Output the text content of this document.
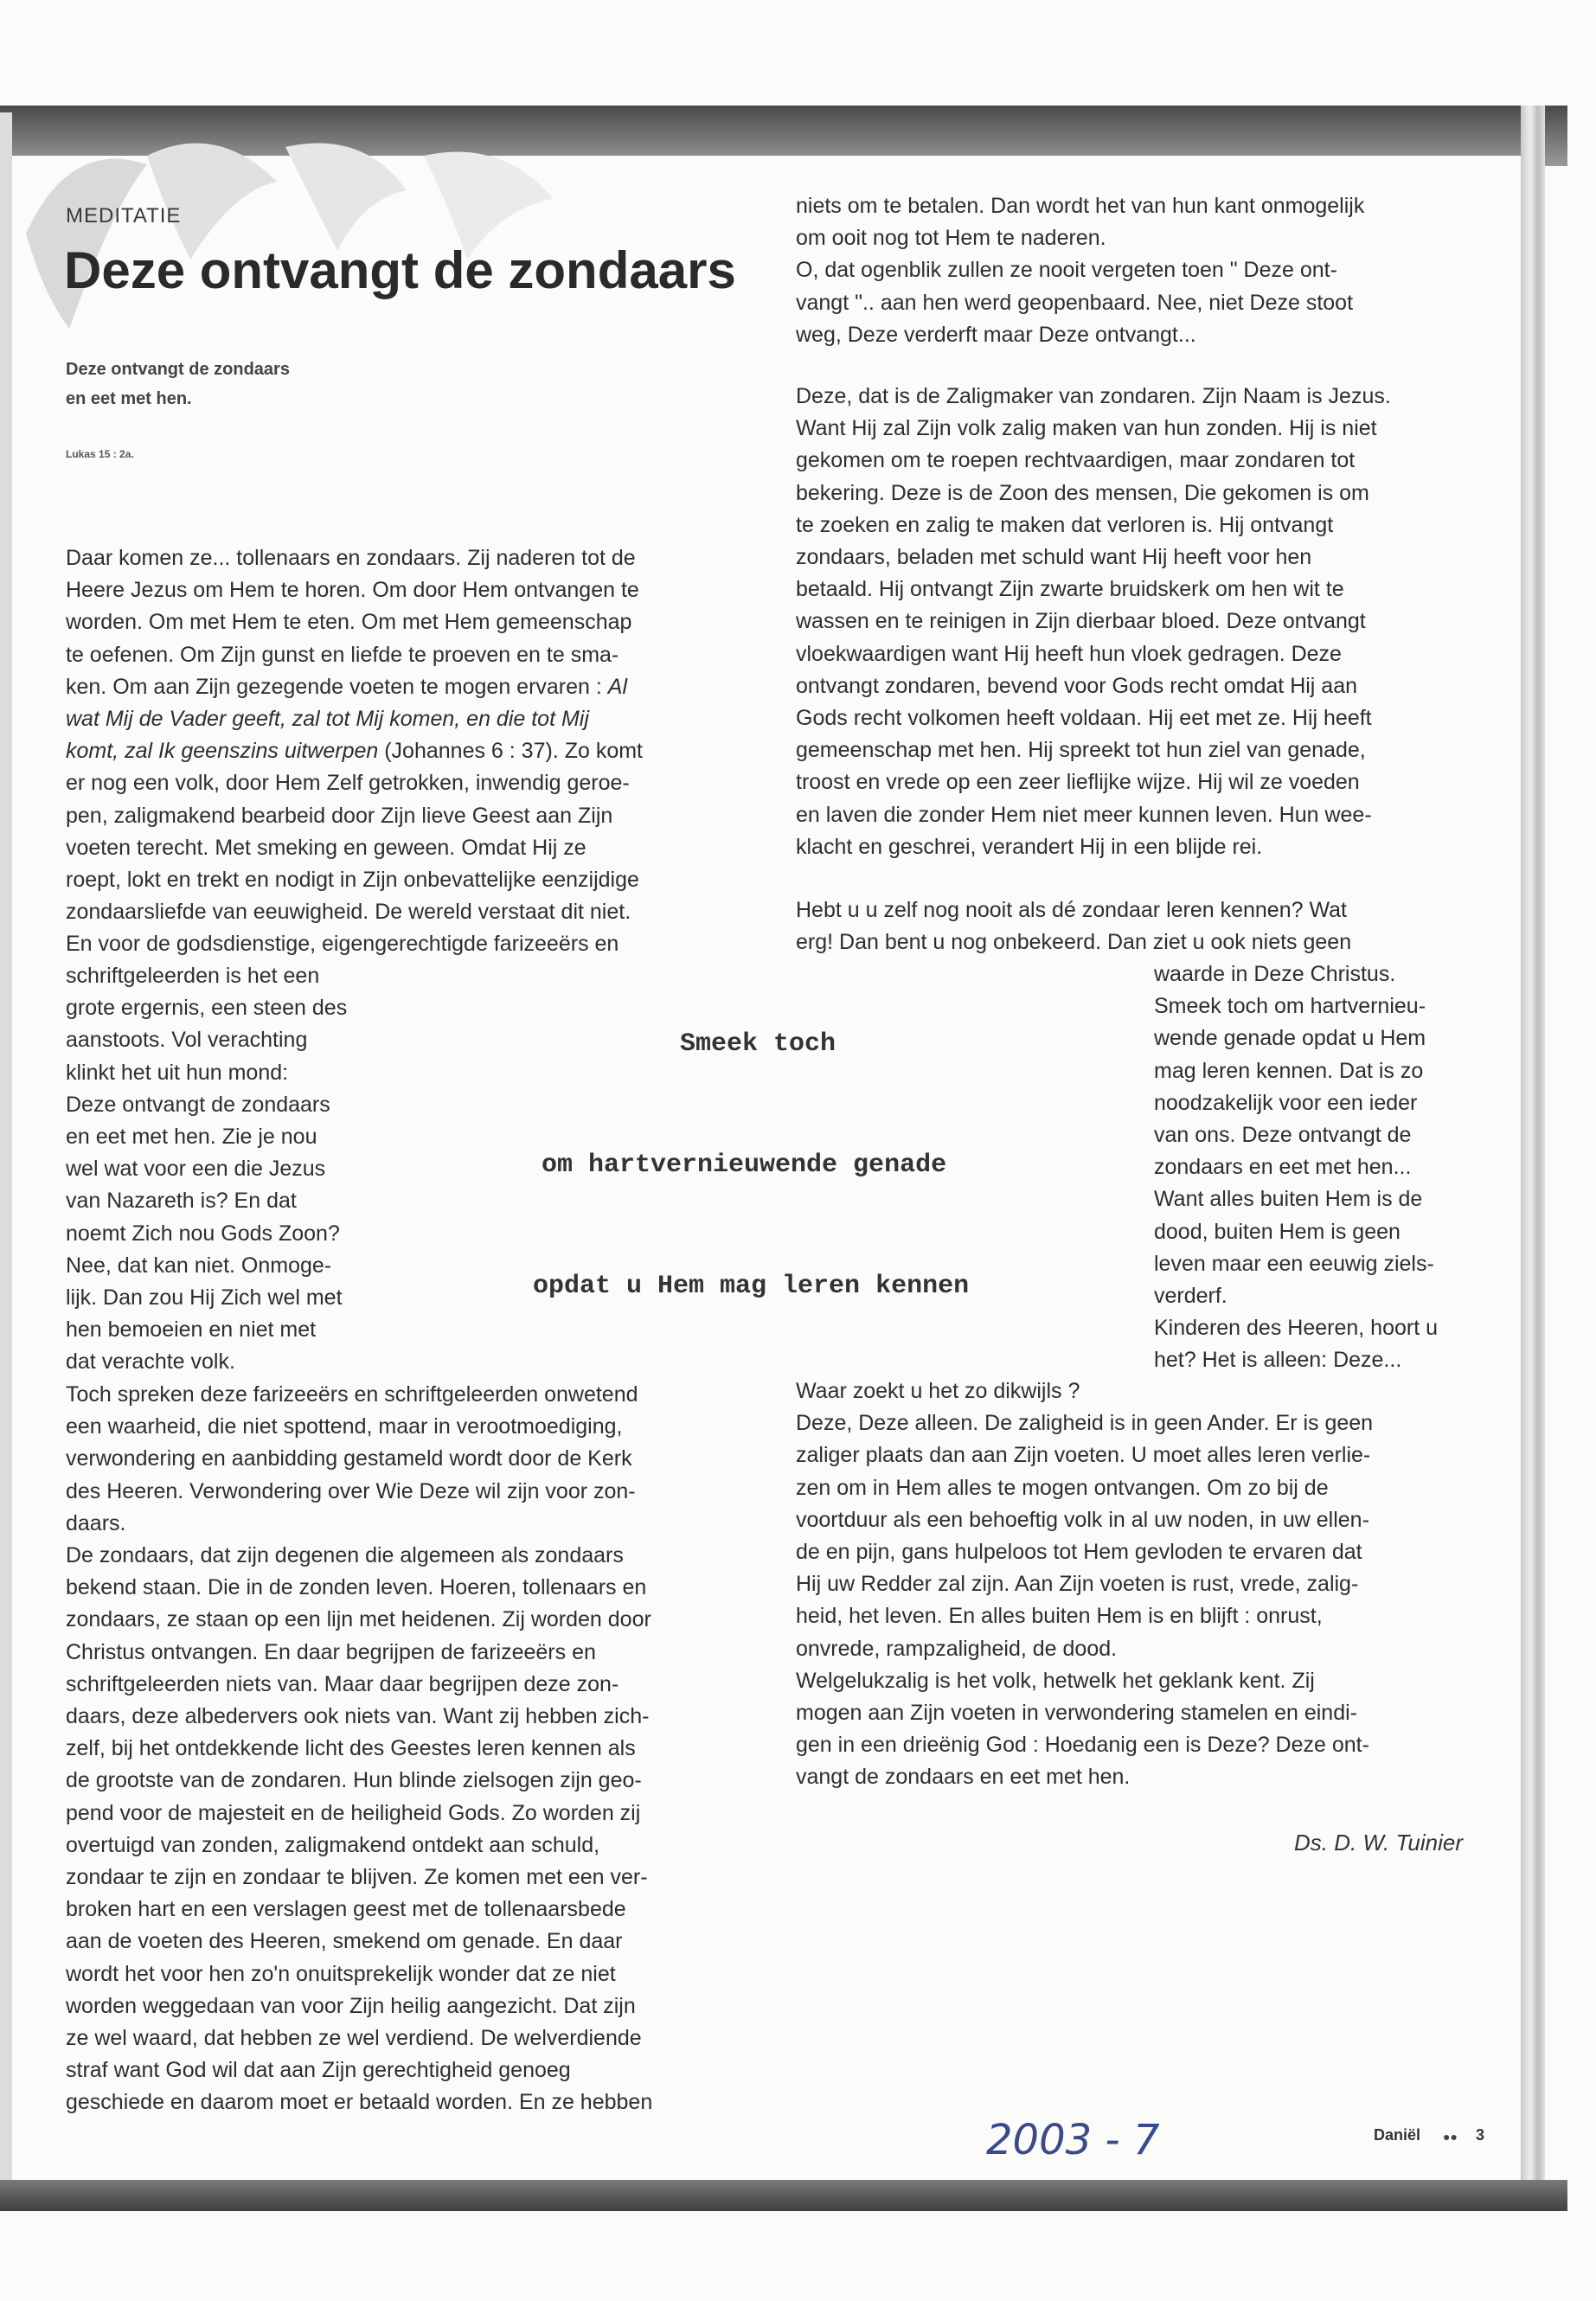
MEDITATIE
Deze ontvangt de zondaars
Deze ontvangt de zondaars
en eet met hen.
Lukas 15 : 2a.
Daar komen ze... tollenaars en zondaars. Zij naderen tot de
Heere Jezus om Hem te horen. Om door Hem ontvangen te
worden. Om met Hem te eten. Om met Hem gemeenschap
te oefenen. Om Zijn gunst en liefde te proeven en te sma-
ken. Om aan Zijn gezegende voeten te mogen ervaren : Al
wat Mij de Vader geeft, zal tot Mij komen, en die tot Mij
komt, zal Ik geenszins uitwerpen (Johannes 6 : 37). Zo komt
er nog een volk, door Hem Zelf getrokken, inwendig geroe-
pen, zaligmakend bearbeid door Zijn lieve Geest aan Zijn
voeten terecht. Met smeking en geween. Omdat Hij ze
roept, lokt en trekt en nodigt in Zijn onbevattelijke eenzijdige
zondaarsliefde van eeuwigheid. De wereld verstaat dit niet.
En voor de godsdienstige, eigengerechtigde farizeeërs en
schriftgeleerden is het een
grote ergernis, een steen des
aanstoots. Vol verachting
klinkt het uit hun mond:
Deze ontvangt de zondaars
en eet met hen. Zie je nou
wel wat voor een die Jezus
van Nazareth is? En dat
noemt Zich nou Gods Zoon?
Nee, dat kan niet. Onmoge-
lijk. Dan zou Hij Zich wel met
hen bemoeien en niet met
dat verachte volk.
Toch spreken deze farizeeërs en schriftgeleerden onwetend
een waarheid, die niet spottend, maar in verootmoediging,
verwondering en aanbidding gestameld wordt door de Kerk
des Heeren. Verwondering over Wie Deze wil zijn voor zon-
daars.
De zondaars, dat zijn degenen die algemeen als zondaars
bekend staan. Die in de zonden leven. Hoeren, tollenaars en
zondaars, ze staan op een lijn met heidenen. Zij worden door
Christus ontvangen. En daar begrijpen de farizeeërs en
schriftgeleerden niets van. Maar daar begrijpen deze zon-
daars, deze albedervers ook niets van. Want zij hebben zich-
zelf, bij het ontdekkende licht des Geestes leren kennen als
de grootste van de zondaren. Hun blinde zielsogen zijn geo-
pend voor de majesteit en de heiligheid Gods. Zo worden zij
overtuigd van zonden, zaligmakend ontdekt aan schuld,
zondaar te zijn en zondaar te blijven. Ze komen met een ver-
broken hart en een verslagen geest met de tollenaarsbede
aan de voeten des Heeren, smekend om genade. En daar
wordt het voor hen zo'n onuitsprekelijk wonder dat ze niet
worden weggedaan van voor Zijn heilig aangezicht. Dat zijn
ze wel waard, dat hebben ze wel verdiend. De welverdiende
straf want God wil dat aan Zijn gerechtigheid genoeg
geschiede en daarom moet er betaald worden. En ze hebben
Smeek toch
om hartvernieuwende genade
opdat u Hem mag leren kennen
niets om te betalen. Dan wordt het van hun kant onmogelijk
om ooit nog tot Hem te naderen.
O, dat ogenblik zullen ze nooit vergeten toen " Deze ont-
vangt ".. aan hen werd geopenbaard. Nee, niet Deze stoot
weg, Deze verderft maar Deze ontvangt...
Deze, dat is de Zaligmaker van zondaren. Zijn Naam is Jezus.
Want Hij zal Zijn volk zalig maken van hun zonden. Hij is niet
gekomen om te roepen rechtvaardigen, maar zondaren tot
bekering. Deze is de Zoon des mensen, Die gekomen is om
te zoeken en zalig te maken dat verloren is. Hij ontvangt
zondaars, beladen met schuld want Hij heeft voor hen
betaald. Hij ontvangt Zijn zwarte bruidskerk om hen wit te
wassen en te reinigen in Zijn dierbaar bloed. Deze ontvangt
vloekwaardigen want Hij heeft hun vloek gedragen. Deze
ontvangt zondaren, bevend voor Gods recht omdat Hij aan
Gods recht volkomen heeft voldaan. Hij eet met ze. Hij heeft
gemeenschap met hen. Hij spreekt tot hun ziel van genade,
troost en vrede op een zeer lieflijke wijze. Hij wil ze voeden
en laven die zonder Hem niet meer kunnen leven. Hun wee-
klacht en geschrei, verandert Hij in een blijde rei.
Hebt u u zelf nog nooit als dé zondaar leren kennen? Wat
erg! Dan bent u nog onbekeerd. Dan ziet u ook niets geen
waarde in Deze Christus.
Smeek toch om hartvernieu-
wende genade opdat u Hem
mag leren kennen. Dat is zo
noodzakelijk voor een ieder
van ons. Deze ontvangt de
zondaars en eet met hen...
Want alles buiten Hem is de
dood, buiten Hem is geen
leven maar een eeuwig ziels-
verderf.
Kinderen des Heeren, hoort u
het? Het is alleen: Deze...
Waar zoekt u het zo dikwijls ?
Deze, Deze alleen. De zaligheid is in geen Ander. Er is geen
zaliger plaats dan aan Zijn voeten. U moet alles leren verlie-
zen om in Hem alles te mogen ontvangen. Om zo bij de
voortduur als een behoeftig volk in al uw noden, in uw ellen-
de en pijn, gans hulpeloos tot Hem gevloden te ervaren dat
Hij uw Redder zal zijn. Aan Zijn voeten is rust, vrede, zalig-
heid, het leven. En alles buiten Hem is en blijft : onrust,
onvrede, rampzaligheid, de dood.
Welgelukzalig is het volk, hetwelk het geklank kent. Zij
mogen aan Zijn voeten in verwondering stamelen en eindi-
gen in een drieënig God : Hoedanig een is Deze? Deze ont-
vangt de zondaars en eet met hen.
Ds. D. W. Tuinier
2003 - 7	Daniël ●● 3
